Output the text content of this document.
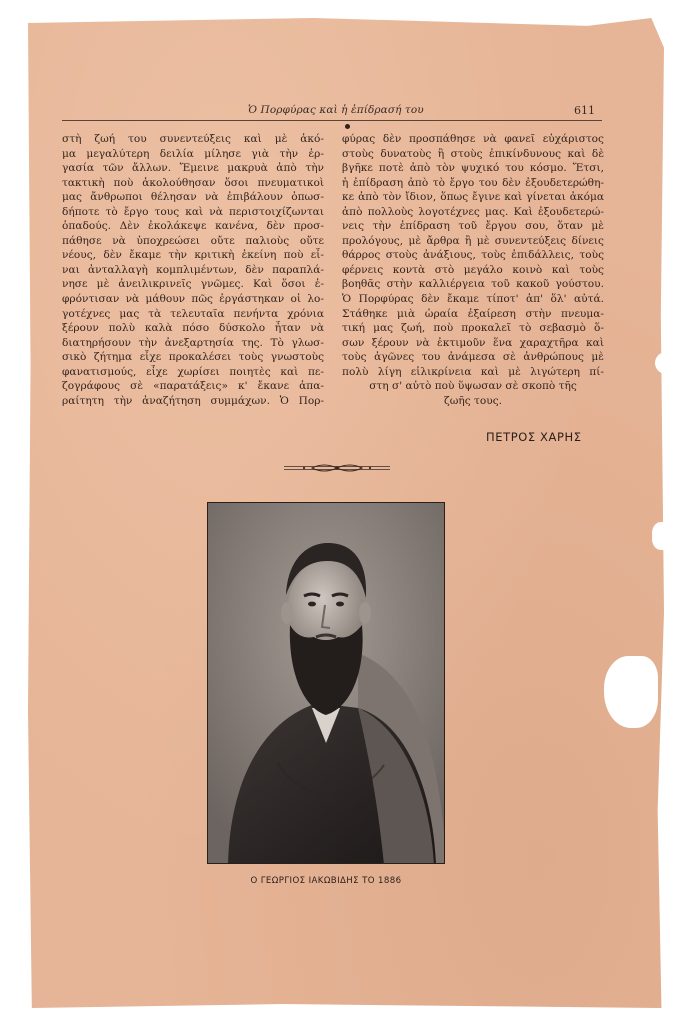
Ὁ Πορφύρας καὶ ἡ ἐπίδρασή του	611
στὴ ζωή του συνεντεύξεις καὶ μὲ ἀκό-
μα μεγαλύτερη δειλία μίλησε γιὰ τὴν ἐρ-
γασία τῶν ἄλλων. Ἔμεινε μακρυὰ ἀπὸ τὴν
τακτικὴ ποὺ ἀκολούθησαν ὅσοι πνευματικοὶ
μας ἄνθρωποι θέλησαν νὰ ἐπιβάλουν ὁπωσ-
δήποτε τὸ ἔργο τους καὶ νὰ περιστοιχίζωνται
ὀπαδούς. Δὲν ἐκολάκεψε κανένα, δὲν προσ-
πάθησε νὰ ὑποχρεώσει οὔτε παλιοὺς οὔτε
νέους, δὲν ἔκαμε τὴν κριτικὴ ἐκείνη ποὺ εἶ-
ναι ἀνταλλαγὴ κομπλιμέντων, δὲν παραπλά-
νησε μὲ ἀνειλικρινεῖς γνῶμες. Καὶ ὅσοι ἐ-
φρόντισαν νὰ μάθουν πῶς ἐργάστηκαν οἱ λο-
γοτέχνες μας τὰ τελευταῖα πενήντα χρόνια
ξέρουν πολὺ καλὰ πόσο δύσκολο ἦταν νὰ
διατηρήσουν τὴν ἀνεξαρτησία της. Τὸ γλωσ-
σικὸ ζήτημα εἶχε προκαλέσει τοὺς γνωστοὺς
φανατισμούς, εἶχε χωρίσει ποιητὲς καὶ πε-
ζογράφους σὲ «παρατάξεις» κ' ἔκανε ἀπα-
ραίτητη τὴν ἀναζήτηση συμμάχων. Ὁ Πορ-
φύρας δὲν προσπάθησε νὰ φανεῖ εὐχάριστος
στοὺς δυνατοὺς ἢ στοὺς ἐπικίνδυνους καὶ δὲ
βγῆκε ποτὲ ἀπὸ τὸν ψυχικό του κόσμο. Ἔτσι,
ἡ ἐπίδραση ἀπὸ τὸ ἔργο του δὲν ἐξουδετερώθη-
κε ἀπὸ τὸν ἴδιον, ὅπως ἔγινε καὶ γίνεται ἀκόμα
ἀπὸ πολλοὺς λογοτέχνες μας. Καὶ ἐξουδετερώ-
νεις τὴν ἐπίδραση τοῦ ἔργου σου, ὅταν μὲ
προλόγους, μὲ ἄρθρα ἢ μὲ συνεντεύξεις δίνεις
θάρρος στοὺς ἀνάξιους, τοὺς ἐπιδάλλεις, τοὺς
φέρνεις κοντὰ στὸ μεγάλο κοινὸ καὶ τοὺς
βοηθᾶς στὴν καλλιέργεια τοῦ κακοῦ γούστου.
Ὁ Πορφύρας δὲν ἔκαμε τίποτ' ἀπ' ὅλ' αὐτά.
Στάθηκε μιὰ ὡραία ἐξαίρεση στὴν πνευμα-
τική μας ζωή, ποὺ προκαλεῖ τὸ σεβασμὸ ὅ-
σων ξέρουν νὰ ἐκτιμοῦν ἕνα χαραχτῆρα καὶ
τοὺς ἀγῶνες του ἀνάμεσα σὲ ἀνθρώπους μὲ
πολὺ λίγη εἰλικρίνεια καὶ μὲ λιγώτερη πί-
στη σ' αὐτὸ ποὺ ὕψωσαν σὲ σκοπὸ τῆς
ζωῆς τους.
ΠΕΤΡΟΣ ΧΑΡΗΣ
Ο ΓΕΩΡΓΙΟΣ ΙΑΚΩΒΙΔΗΣ ΤΟ 1886
